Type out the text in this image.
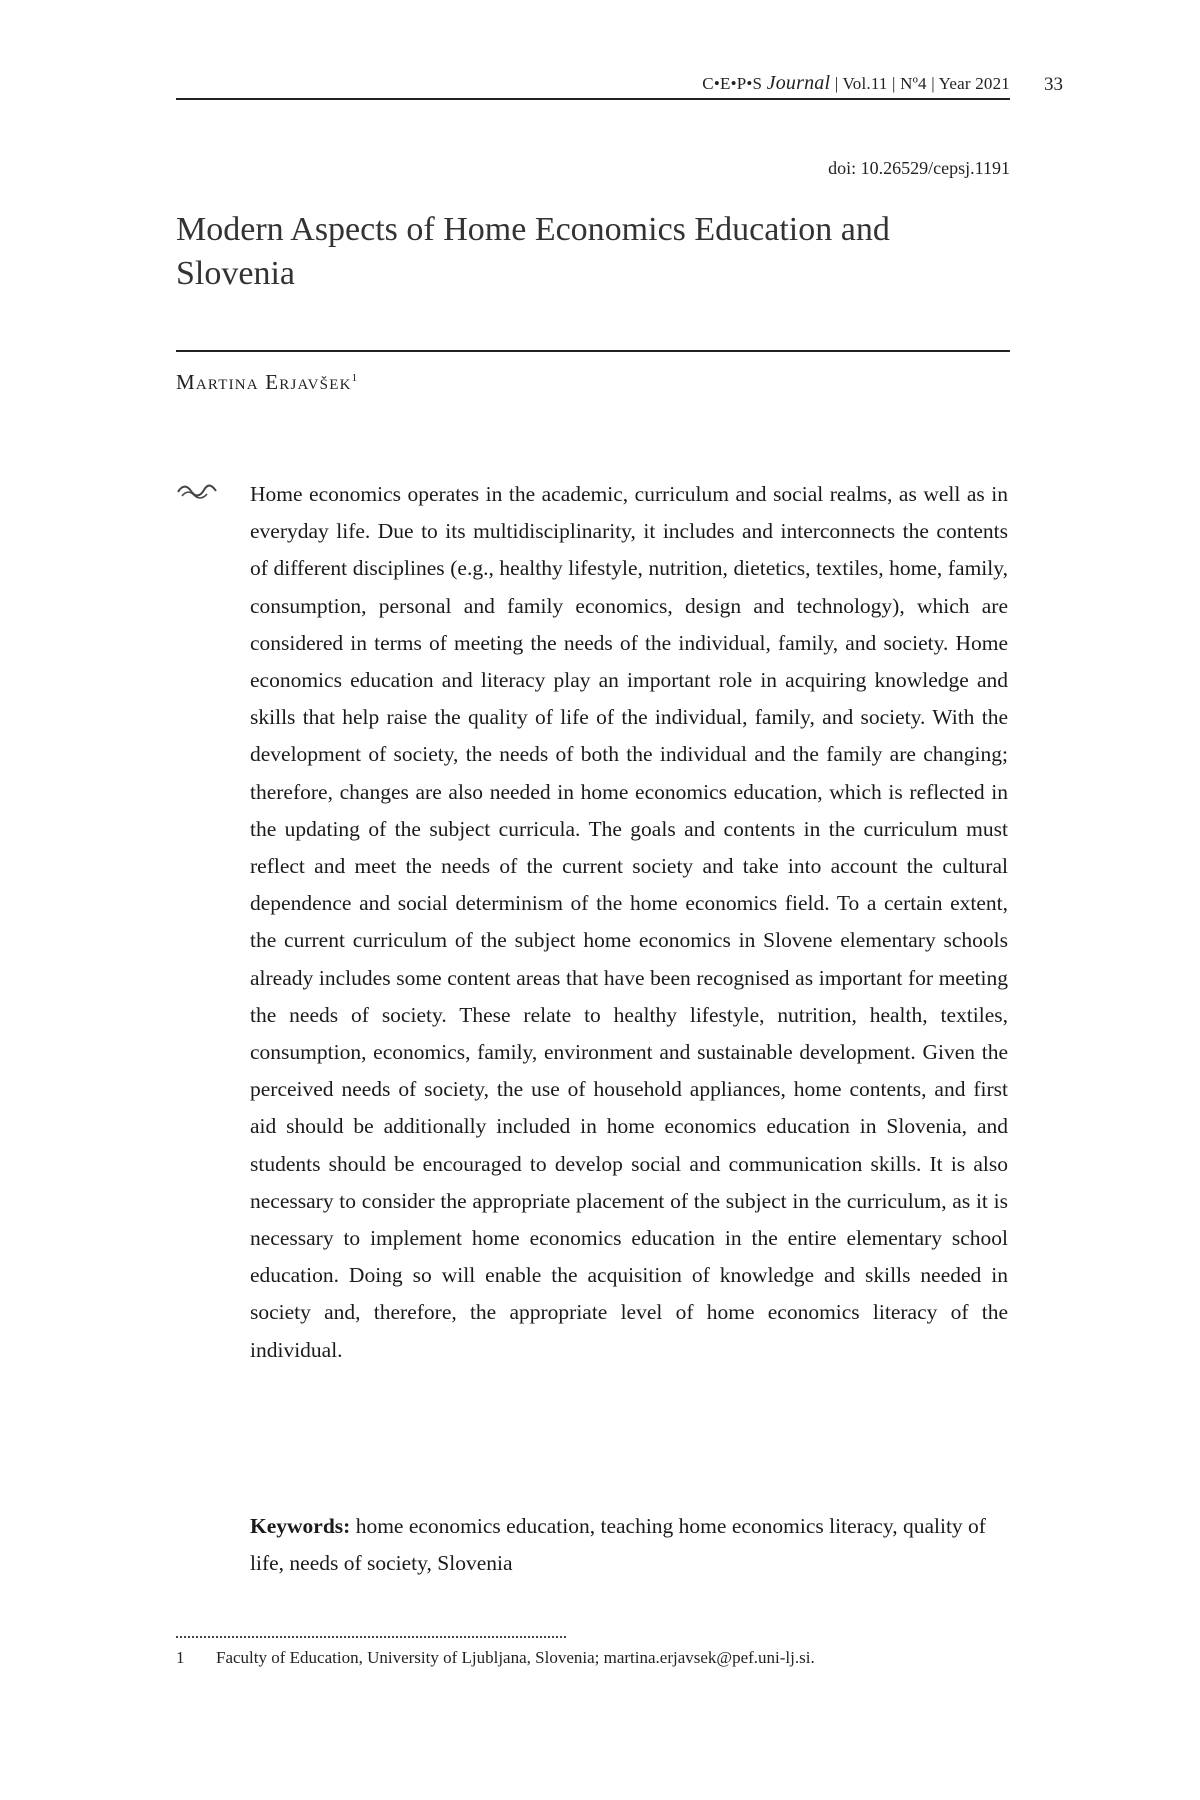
C•E•P•S Journal | Vol.11 | Nº4 | Year 2021 33
doi: 10.26529/cepsj.1191
Modern Aspects of Home Economics Education and Slovenia
Martina Erjavšek$^1$

Home economics operates in the academic, curriculum and social realms, as well as in everyday life. Due to its multidisciplinarity, it includes and interconnects the contents of different disciplines (e.g., healthy lifestyle, nutrition, dietetics, textiles, home, family, consumption, personal and family economics, design and technology), which are considered in terms of meeting the needs of the individual, family, and society. Home economics education and literacy play an important role in acquiring knowledge and skills that help raise the quality of life of the individual, family, and society. With the development of society, the needs of both the individual and the family are changing; therefore, changes are also needed in home economics education, which is reflected in the updating of the subject curricula. The goals and contents in the curriculum must reflect and meet the needs of the current society and take into account the cultural dependence and social determinism of the home economics field. To a certain extent, the current curriculum of the subject home economics in Slovene elementary schools already includes some content areas that have been recognised as important for meeting the needs of society. These relate to healthy lifestyle, nutrition, health, textiles, consumption, economics, family, environment and sustainable development. Given the perceived needs of society, the use of household appliances, home contents, and first aid should be additionally included in home economics education in Slovenia, and students should be encouraged to develop social and communication skills. It is also necessary to consider the appropriate placement of the subject in the curriculum, as it is necessary to implement home economics education in the entire elementary school education. Doing so will enable the acquisition of knowledge and skills needed in society and, therefore, the appropriate level of home economics literacy of the individual.

Keywords: home economics education, teaching home economics literacy, quality of life, needs of society, Slovenia

1 Faculty of Education, University of Ljubljana, Slovenia; martina.erjavsek@pef.uni-lj.si.
